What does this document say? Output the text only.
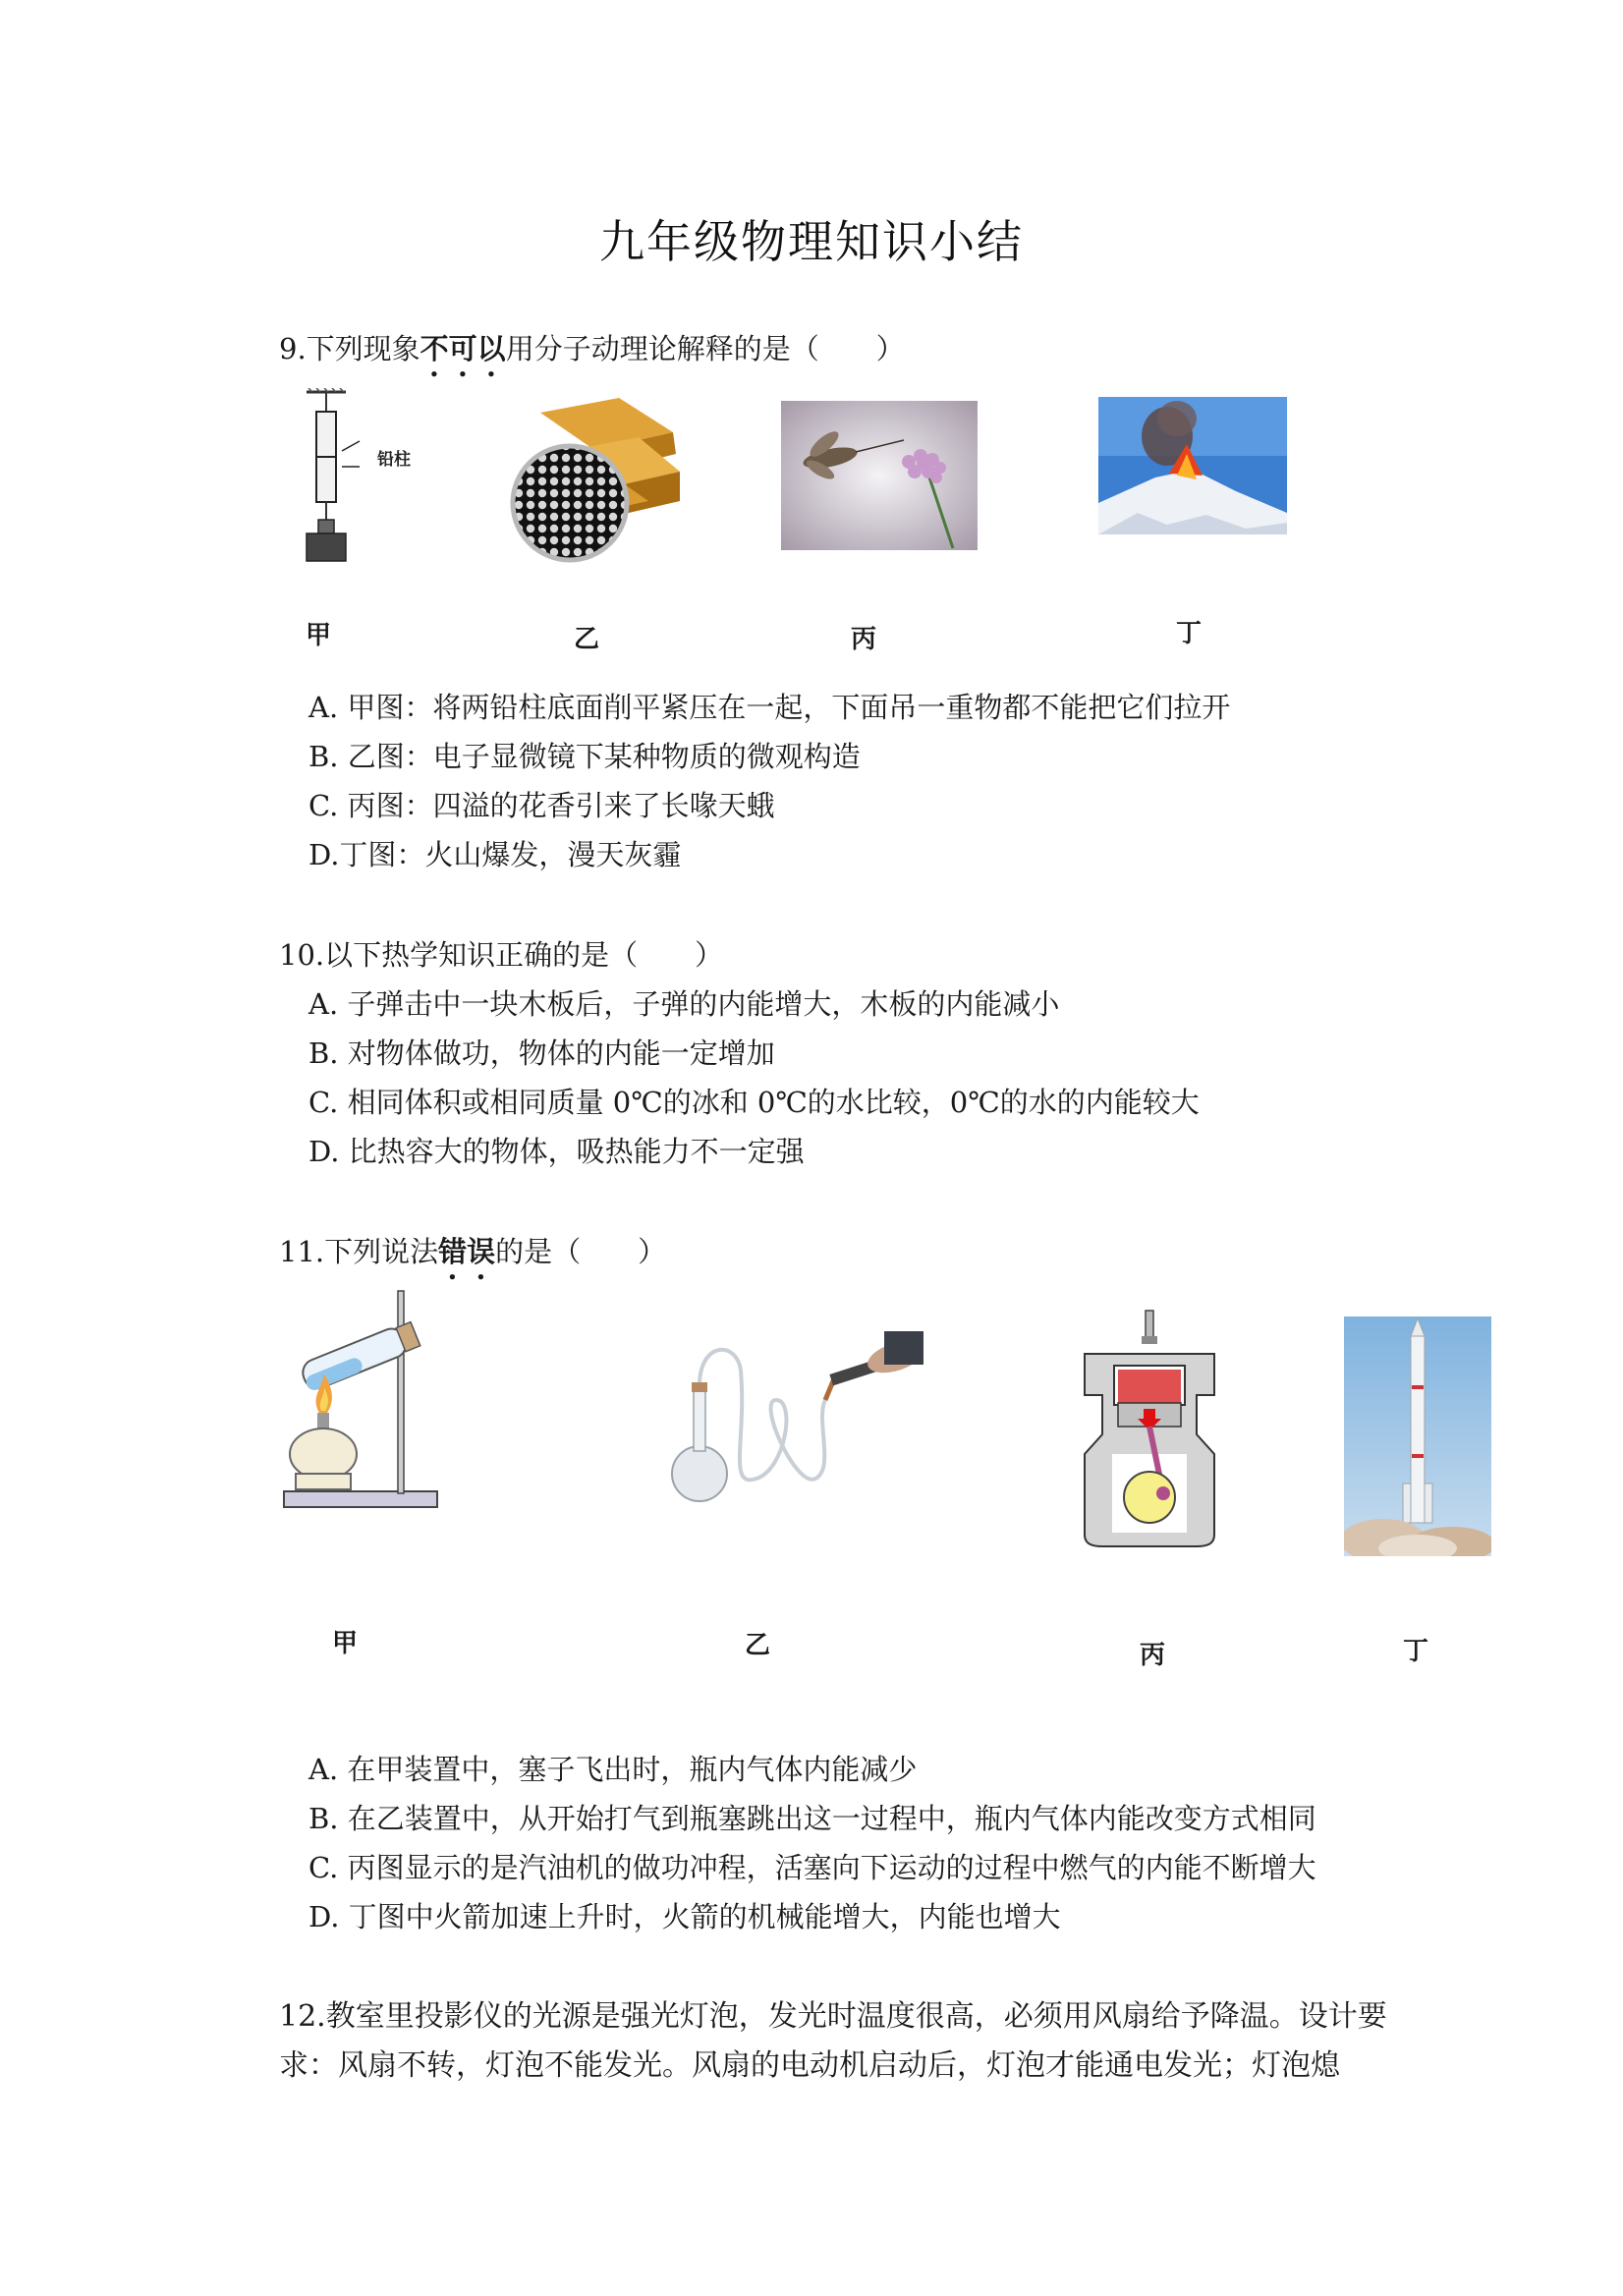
九年级物理知识小结
9.下列现象不可以用分子动理论解释的是（　　）
铅柱
甲	乙	丙	丁
A. 甲图：将两铅柱底面削平紧压在一起，下面吊一重物都不能把它们拉开
B. 乙图：电子显微镜下某种物质的微观构造
C. 丙图：四溢的花香引来了长喙天蛾
D.丁图：火山爆发，漫天灰霾
10.以下热学知识正确的是（　　）
A. 子弹击中一块木板后，子弹的内能增大，木板的内能减小
B. 对物体做功，物体的内能一定增加
C. 相同体积或相同质量 0℃的冰和 0℃的水比较，0℃的水的内能较大
D. 比热容大的物体，吸热能力不一定强
11.下列说法错误的是（　　）
甲	乙	丙	丁
A. 在甲装置中，塞子飞出时，瓶内气体内能减少
B. 在乙装置中，从开始打气到瓶塞跳出这一过程中，瓶内气体内能改变方式相同
C. 丙图显示的是汽油机的做功冲程，活塞向下运动的过程中燃气的内能不断增大
D. 丁图中火箭加速上升时，火箭的机械能增大，内能也增大
12.教室里投影仪的光源是强光灯泡，发光时温度很高，必须用风扇给予降温。设计要求：风扇不转，灯泡不能发光。风扇的电动机启动后，灯泡才能通电发光；灯泡熄
